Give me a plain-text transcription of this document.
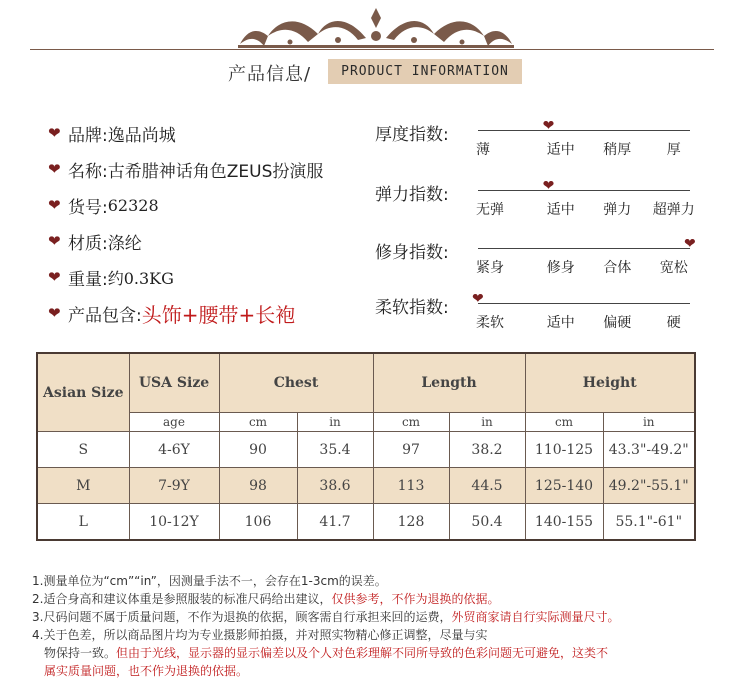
产品信息/	PRODUCT INFORMATION
❤ 品牌: 逸品尚城
❤ 名称: 古希腊神话角色ZEUS扮演服
❤ 货号: 62328
❤ 材质: 涤纶
❤ 重量: 约0.3KG
❤ 产品包含: 头饰+腰带+长袍
厚度指数:	❤
薄	适中	稍厚	厚
弹力指数:	❤
无弹	适中	弹力	超弹力
修身指数:	❤
紧身	修身	合体	宽松
柔软指数: ❤
柔软	适中	偏硬	硬
Asian Size	USA Size	Chest		Length		Height	
	age	cm	in	cm	in	cm	in
S	4-6Y	90	35.4	97	38.2	110-125	43.3"-49.2"
M	7-9Y	98	38.6	113	44.5	125-140	49.2"-55.1"
L	10-12Y	106	41.7	128	50.4	140-155	55.1"-61"
1.测量单位为“cm”“in”，因测量手法不一，会存在1-3cm的误差。
2.适合身高和建议体重是参照服装的标准尺码给出建议，仅供参考，不作为退换的依据。
3.尺码问题不属于质量问题，不作为退换的依据，顾客需自行承担来回的运费，外贸商家请自行实际测量尺寸。
4.关于色差，所以商品图片均为专业摄影师拍摄，并对照实物精心修正调整，尽量与实
物保持一致。但由于光线，显示器的显示偏差以及个人对色彩理解不同所导致的色彩问题无可避免，这类不
属实质量问题，也不作为退换的依据。
